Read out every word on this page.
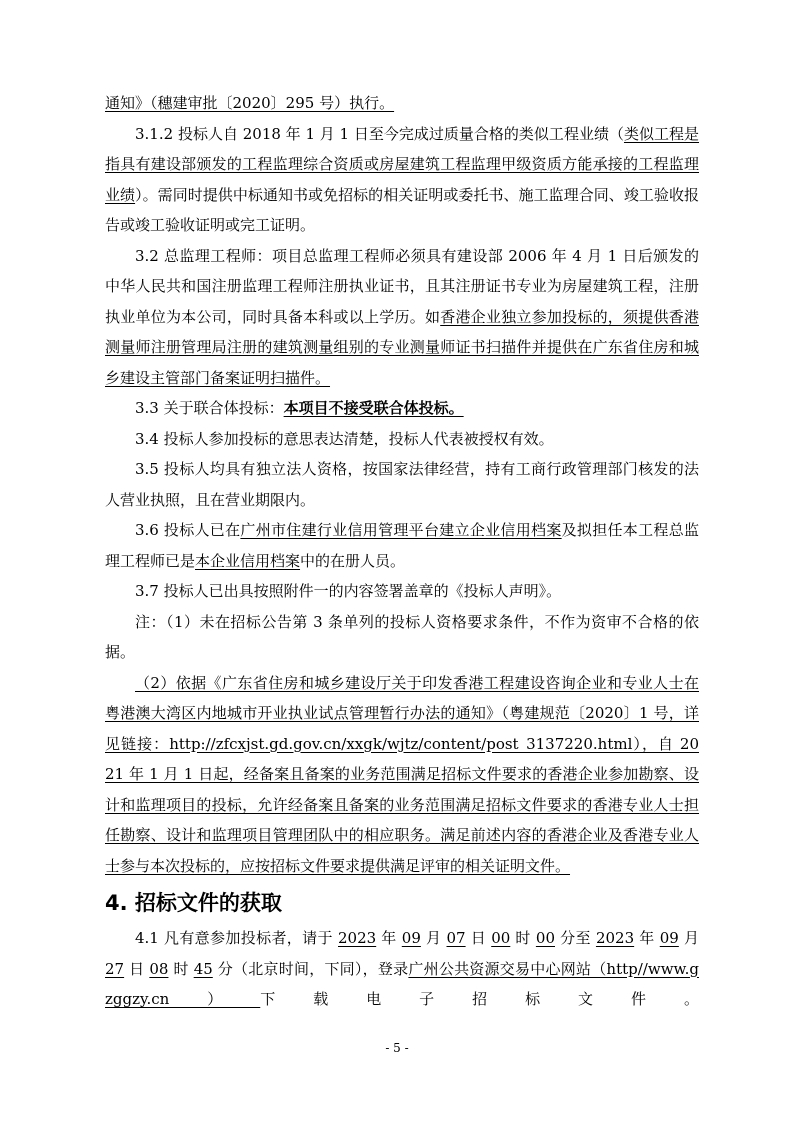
通知》（穗建审批〔2020〕295 号）执行。

3.1.2 投标人自 2018 年 1 月 1 日至今完成过质量合格的类似工程业绩（类似工程是指具有建设部颁发的工程监理综合资质或房屋建筑工程监理甲级资质方能承接的工程监理业绩）。需同时提供中标通知书或免招标的相关证明或委托书、施工监理合同、竣工验收报告或竣工验收证明或完工证明。

3.2 总监理工程师：项目总监理工程师必须具有建设部 2006 年 4 月 1 日后颁发的中华人民共和国注册监理工程师注册执业证书，且其注册证书专业为房屋建筑工程，注册执业单位为本公司，同时具备本科或以上学历。如香港企业独立参加投标的，须提供香港测量师注册管理局注册的建筑测量组别的专业测量师证书扫描件并提供在广东省住房和城乡建设主管部门备案证明扫描件。

3.3 关于联合体投标：本项目不接受联合体投标。

3.4 投标人参加投标的意思表达清楚，投标人代表被授权有效。

3.5 投标人均具有独立法人资格，按国家法律经营，持有工商行政管理部门核发的法人营业执照，且在营业期限内。

3.6 投标人已在广州市住建行业信用管理平台建立企业信用档案及拟担任本工程总监理工程师已是本企业信用档案中的在册人员。

3.7 投标人已出具按照附件一的内容签署盖章的《投标人声明》。

注：（1）未在招标公告第 3 条单列的投标人资格要求条件，不作为资审不合格的依据。

（2）依据《广东省住房和城乡建设厅关于印发香港工程建设咨询企业和专业人士在粤港澳大湾区内地城市开业执业试点管理暂行办法的通知》（粤建规范〔2020〕1 号，详见链接：http://zfcxjst.gd.gov.cn/xxgk/wjtz/content/post_3137220.html），自 2021 年 1 月 1 日起，经备案且备案的业务范围满足招标文件要求的香港企业参加勘察、设计和监理项目的投标，允许经备案且备案的业务范围满足招标文件要求的香港专业人士担任勘察、设计和监理项目管理团队中的相应职务。满足前述内容的香港企业及香港专业人士参与本次投标的，应按招标文件要求提供满足评审的相关证明文件。

4. 招标文件的获取

4.1 凡有意参加投标者，请于 2023 年 09 月 07 日 00 时 00 分至 2023 年 09 月 27 日 08 时 45 分（北京时间，下同），登录广州公共资源交易中心网站（http//www.gzggzy.cn）下载电子招标文件。

- 5 -
